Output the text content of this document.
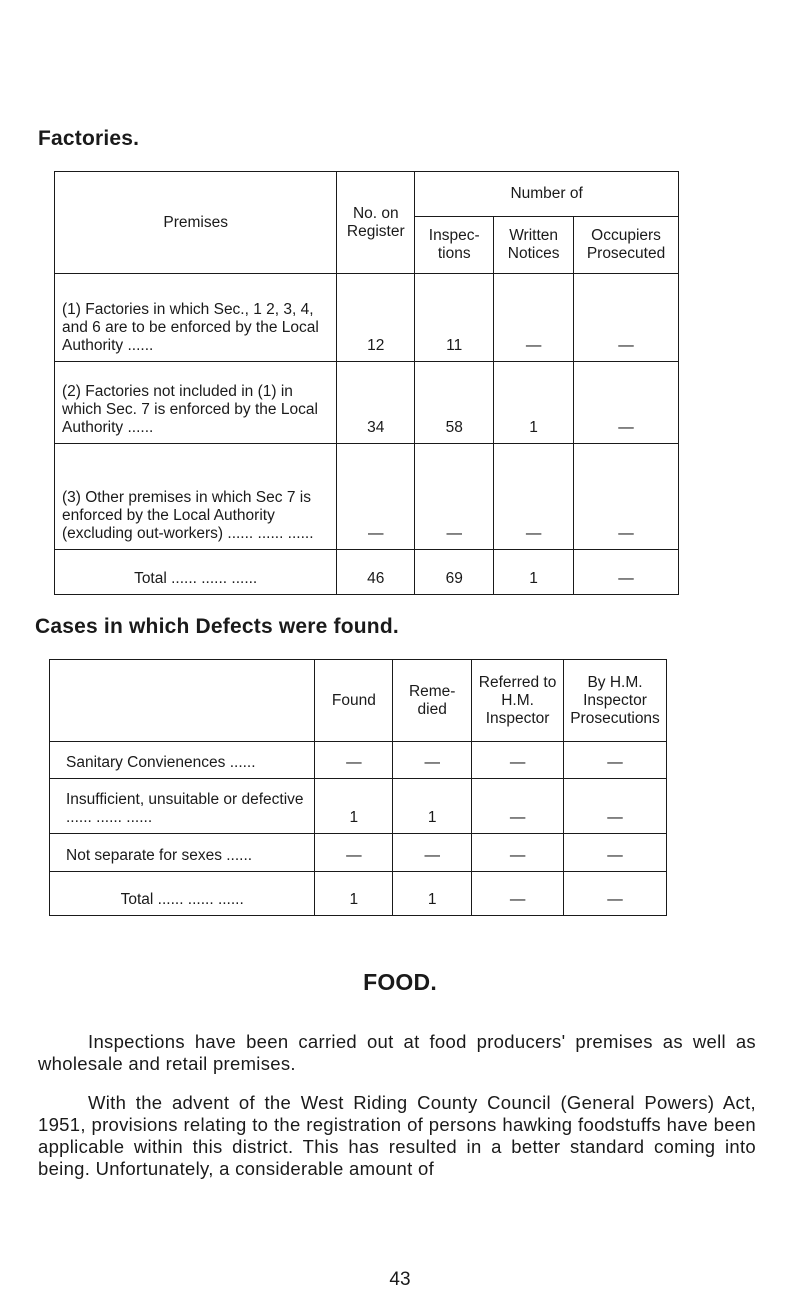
Factories.
Premises	No. on Register	Number of		
		Inspec- tions	Written Notices	Occupiers Prosecuted
(1) Factories in which Sec., 1 2, 3, 4, and 6 are to be enforced by the Local Authority ......	12	11	—	—
(2) Factories not included in (1) in which Sec. 7 is enforced by the Local Authority ......	34	58	1	—
(3) Other premises in which Sec 7 is enforced by the Local Authority (excluding out-workers) ...... ...... ......	—	—	—	—
Total ...... ...... ......	46	69	1	—
Cases in which Defects were found.
	Found	Reme- died	Referred to H.M. Inspector	By H.M. Inspector Prosecutions
Sanitary Convienences ......	—	—	—	—
Insufficient, unsuitable or defective ...... ...... ......	1	1	—	—
Not separate for sexes ......	—	—	—	—
Total ...... ...... ......	1	1	—	—
FOOD.
Inspections have been carried out at food producers' premises as well as wholesale and retail premises.
With the advent of the West Riding County Council (General Powers) Act, 1951, provisions relating to the registration of persons hawking foodstuffs have been applicable within this district. This has resulted in a better standard coming into being. Unfortunately, a considerable amount of
43
